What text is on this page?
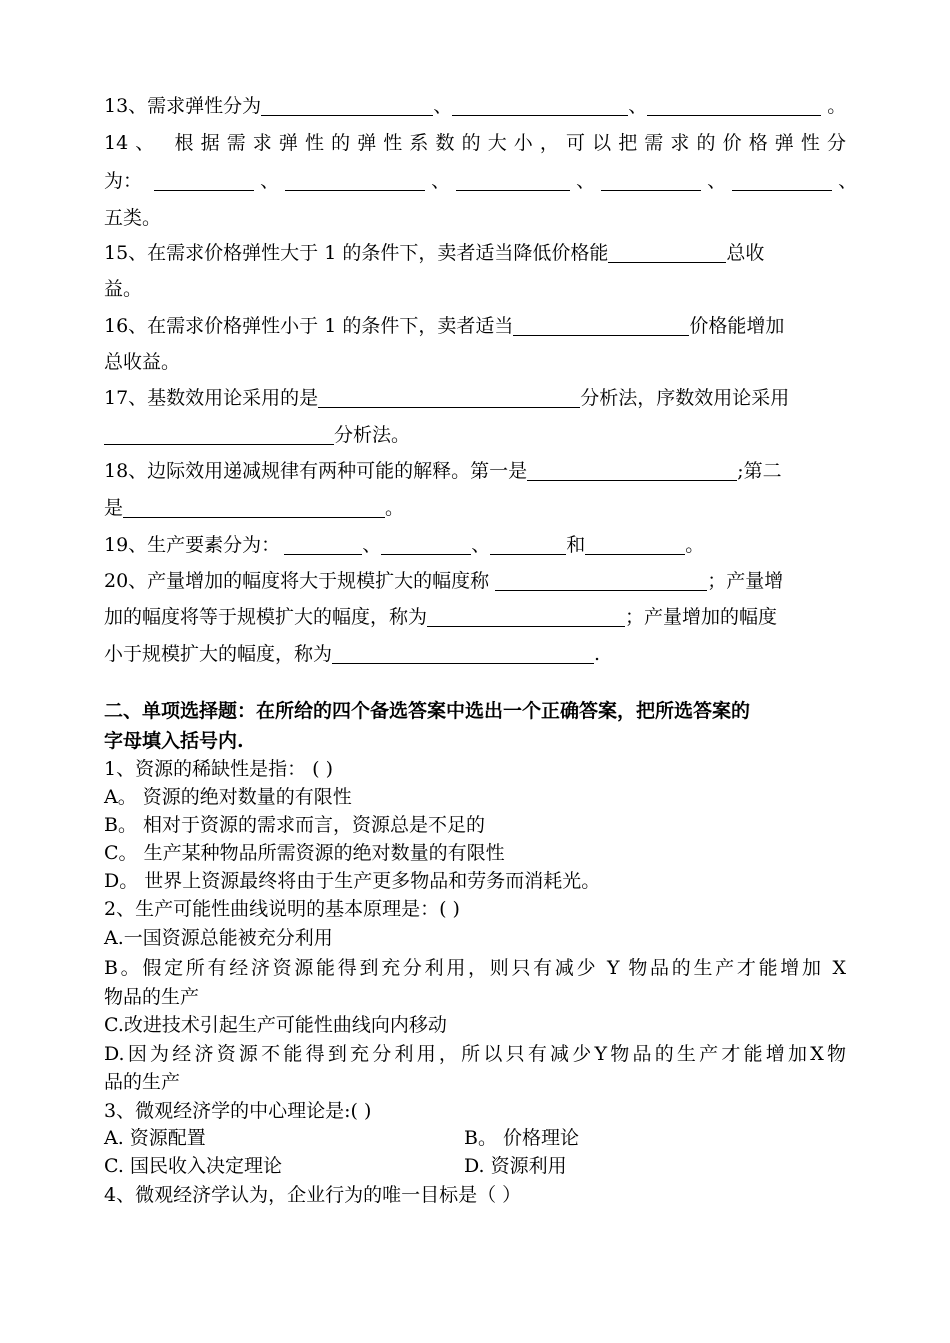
13、需求弹性分为	、	、	。
14、 根据需求弹性的弹性系数的大小，可以把需求的价格弹性分
为：	、	、	、	、	、
五类。
15、在需求价格弹性大于 1 的条件下，卖者适当降低价格能	总收
益。
16、在需求价格弹性小于 1 的条件下，卖者适当	价格能增加
总收益。
17、基数效用论采用的是	分析法，序数效用论采用
分析法。
18、边际效用递减规律有两种可能的解释。第一是	;第二
是	。
19、生产要素分为：	、	、	和	。
20、产量增加的幅度将大于规模扩大的幅度称	；产量增
加的幅度将等于规模扩大的幅度，称为	；产量增加的幅度
小于规模扩大的幅度，称为	.
二、单项选择题：在所给的四个备选答案中选出一个正确答案，把所选答案的
字母填入括号内.
1、资源的稀缺性是指： ( )
A。 资源的绝对数量的有限性
B。 相对于资源的需求而言，资源总是不足的
C。 生产某种物品所需资源的绝对数量的有限性
D。 世界上资源最终将由于生产更多物品和劳务而消耗光。
2、生产可能性曲线说明的基本原理是：( )
A.一国资源总能被充分利用
B。假定所有经济资源能得到充分利用，则只有减少 Y 物品的生产才能增加 X
物品的生产
C.改进技术引起生产可能性曲线向内移动
D.因为经济资源不能得到充分利用，所以只有减少Y物品的生产才能增加X物
品的生产
3、微观经济学的中心理论是:( )
A. 资源配置	B。 价格理论
C. 国民收入决定理论	D. 资源利用
4、微观经济学认为，企业行为的唯一目标是（ ）
